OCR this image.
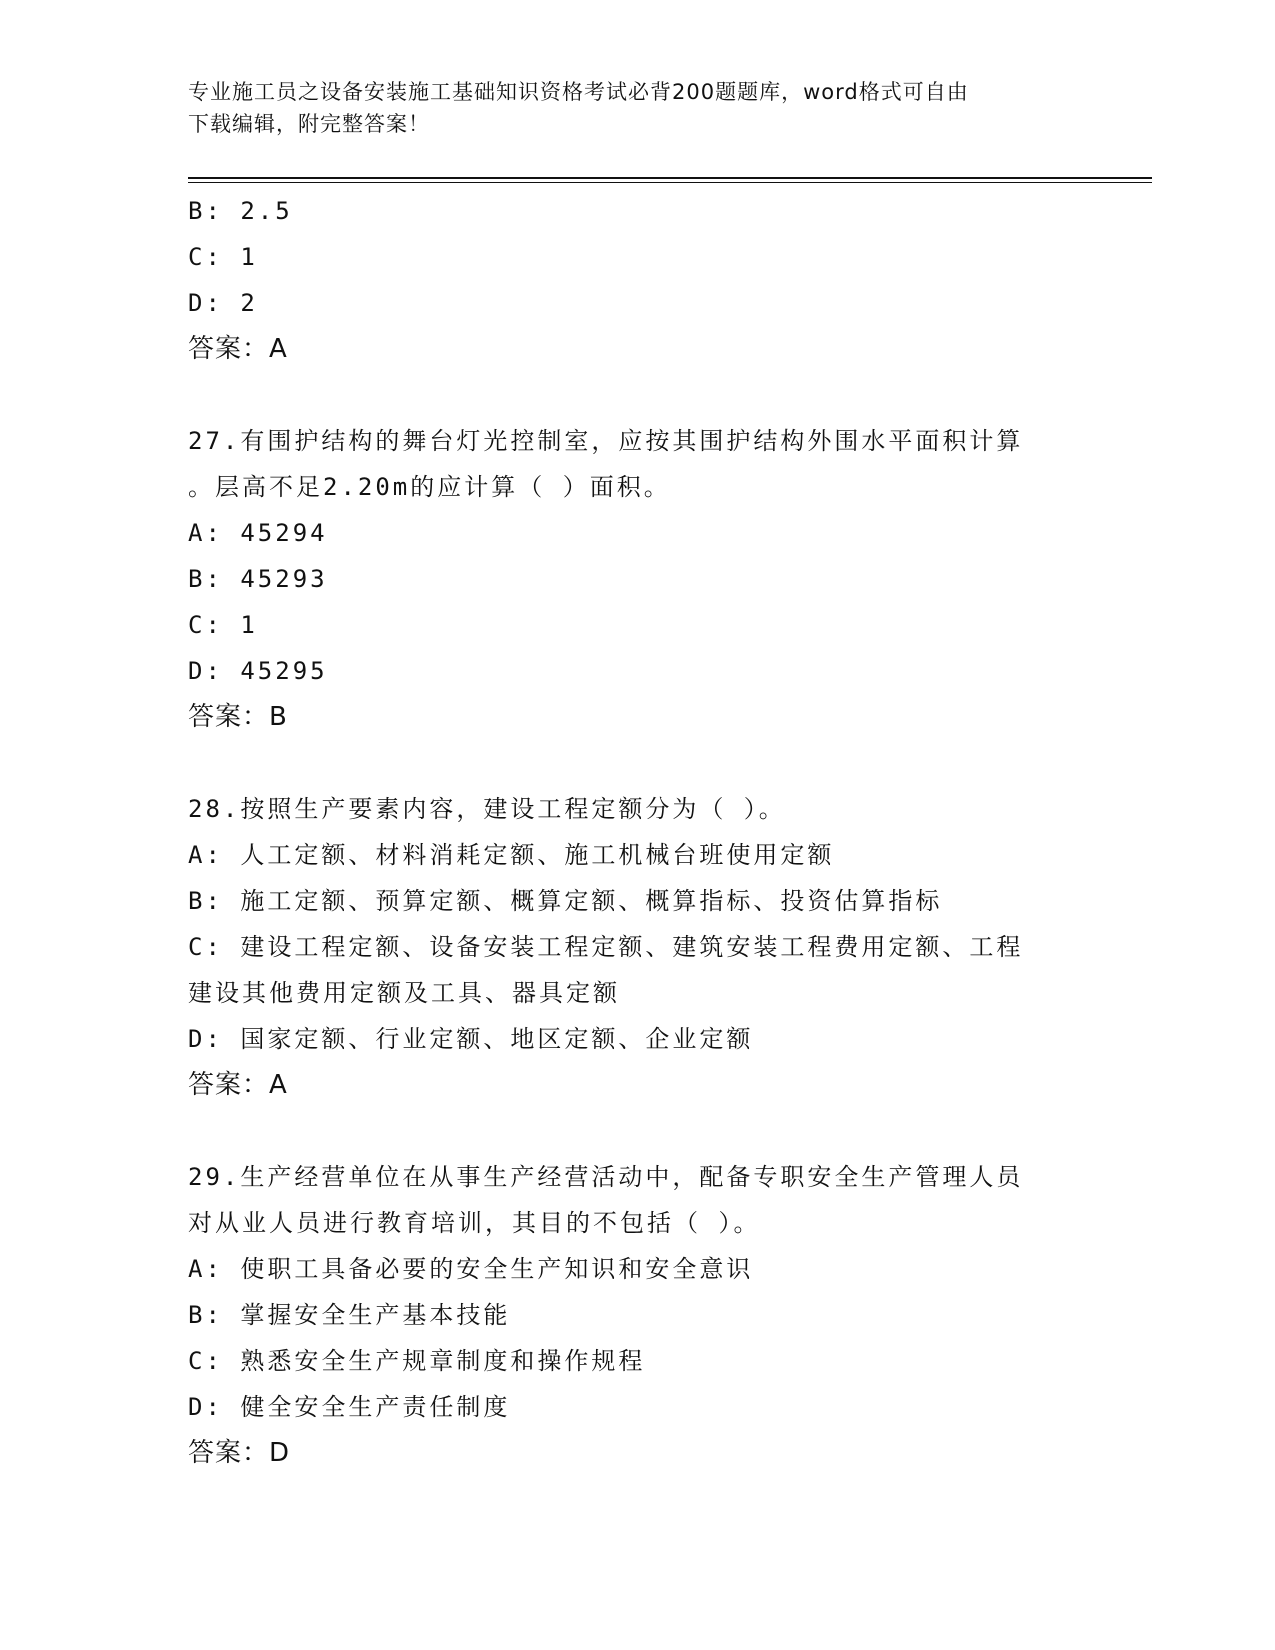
专业施工员之设备安装施工基础知识资格考试必背200题题库，word格式可自由
下载编辑，附完整答案！
B: 2.5
C: 1
D: 2
答案：A
27.有围护结构的舞台灯光控制室，应按其围护结构外围水平面积计算
。层高不足2.20m的应计算（ ）面积。
A: 45294
B: 45293
C: 1
D: 45295
答案：B
28.按照生产要素内容，建设工程定额分为（ ）。
A: 人工定额、材料消耗定额、施工机械台班使用定额
B: 施工定额、预算定额、概算定额、概算指标、投资估算指标
C: 建设工程定额、设备安装工程定额、建筑安装工程费用定额、工程
建设其他费用定额及工具、器具定额
D: 国家定额、行业定额、地区定额、企业定额
答案：A
29.生产经营单位在从事生产经营活动中，配备专职安全生产管理人员
对从业人员进行教育培训，其目的不包括（ ）。
A: 使职工具备必要的安全生产知识和安全意识
B: 掌握安全生产基本技能
C: 熟悉安全生产规章制度和操作规程
D: 健全安全生产责任制度
答案：D
